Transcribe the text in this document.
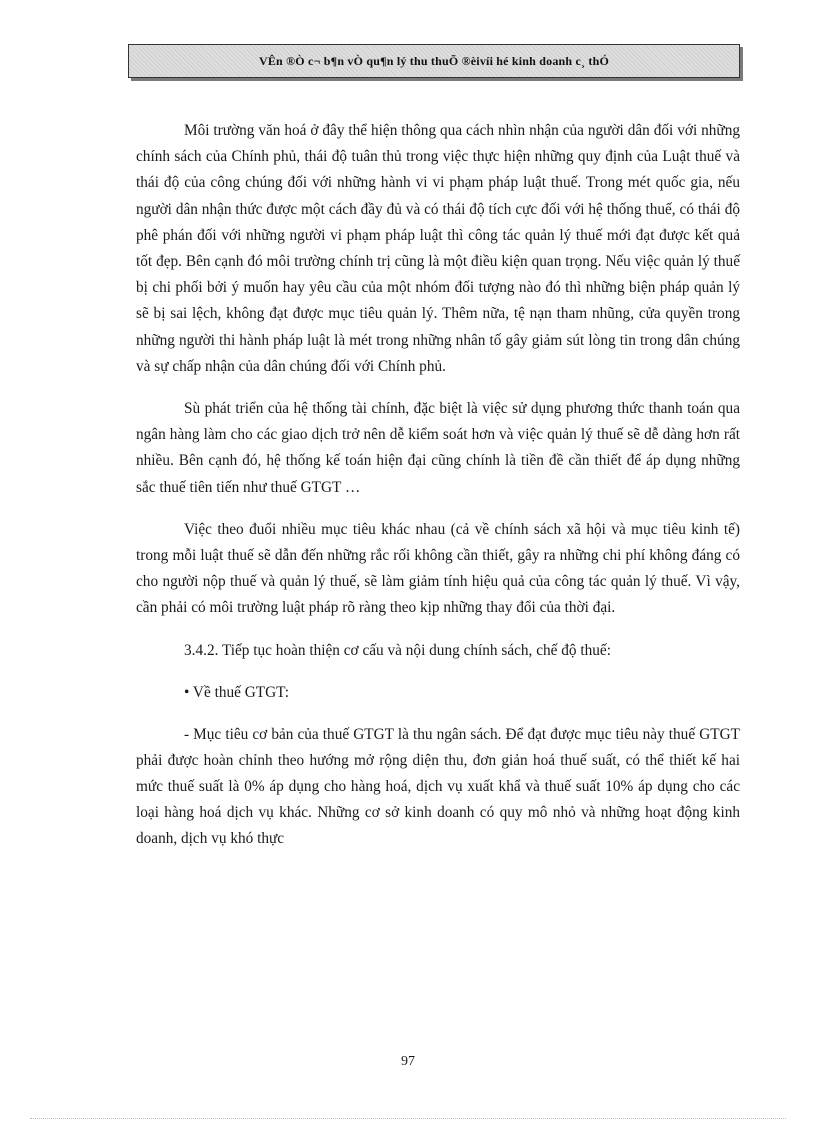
VÊn ®Ò c¬ b¶n vÒ qu¶n lý thu thuÕ ®èivíi hé kinh doanh c¸ thÓ

Môi trường văn hoá ở đây thể hiện thông qua cách nhìn nhận của người dân đối với những chính sách của Chính phủ, thái độ tuân thủ trong việc thực hiện những quy định của Luật thuế và thái độ của công chúng đối với những hành vi vi phạm pháp luật thuế. Trong mét quốc gia, nếu người dân nhận thức được một cách đầy đủ và có thái độ tích cực đối với hệ thống thuế, có thái độ phê phán đối với những người vi phạm pháp luật thì công tác quản lý thuế mới đạt được kết quả tốt đẹp. Bên cạnh đó môi trường chính trị cũng là một điều kiện quan trọng. Nếu việc quản lý thuế bị chi phối bởi ý muốn hay yêu cầu của một nhóm đối tượng nào đó thì những biện pháp quản lý sẽ bị sai lệch, không đạt được mục tiêu quản lý. Thêm nữa, tệ nạn tham nhũng, cửa quyền trong những người thi hành pháp luật là mét trong những nhân tố gây giảm sút lòng tin trong dân chúng và sự chấp nhận của dân chúng đối với Chính phủ.

Sù phát triển của hệ thống tài chính, đặc biệt là việc sử dụng phương thức thanh toán qua ngân hàng làm cho các giao dịch trở nên dễ kiểm soát hơn và việc quản lý thuế sẽ dễ dàng hơn rất nhiều. Bên cạnh đó, hệ thống kế toán hiện đại cũng chính là tiền đề cần thiết để áp dụng những sắc thuế tiên tiến như thuế GTGT …

Việc theo đuổi nhiều mục tiêu khác nhau (cả về chính sách xã hội và mục tiêu kinh tế) trong mỗi luật thuế sẽ dẫn đến những rắc rối không cần thiết, gây ra những chi phí không đáng có cho người nộp thuế và quản lý thuế, sẽ làm giảm tính hiệu quả của công tác quản lý thuế. Vì vậy, cần phải có môi trường luật pháp rõ ràng theo kịp những thay đổi của thời đại.

3.4.2. Tiếp tục hoàn thiện cơ cấu và nội dung chính sách, chế độ thuế:
• Về thuế GTGT:

- Mục tiêu cơ bản của thuế GTGT là thu ngân sách. Để đạt được mục tiêu này thuế GTGT phải được hoàn chỉnh theo hướng mở rộng diện thu, đơn giản hoá thuế suất, có thể thiết kế hai mức thuế suất là 0% áp dụng cho hàng hoá, dịch vụ xuất khẩ và thuế suất 10% áp dụng cho các loại hàng hoá dịch vụ khác. Những cơ sở kinh doanh có quy mô nhỏ và những hoạt động kinh doanh, dịch vụ khó thực

97
